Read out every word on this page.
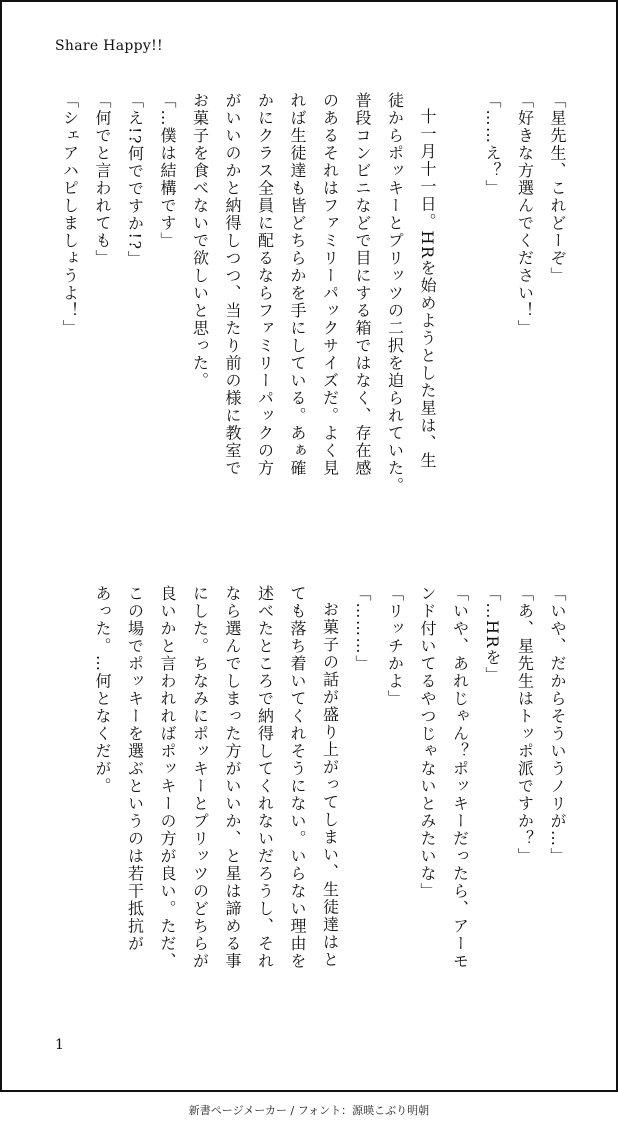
Share Happy!!
「星先生、これどーぞ」
「好きな方選んでください！」
「……え？」

十一月十一日。HRを始めようとした星は、生
徒からポッキーとプリッツの二択を迫られていた。
普段コンビニなどで目にする箱ではなく、存在感
のあるそれはファミリーパックサイズだ。よく見
れば生徒達も皆どちらかを手にしている。あぁ確
かにクラス全員に配るならファミリーパックの方
がいいのかと納得しつつ、当たり前の様に教室で
お菓子を食べないで欲しいと思った。
「…僕は結構です」
「え!?何でですか!?」
「何でと言われても」
「シェアハピしましょうよ！」
「いや、だからそういうノリが…」
「あ、星先生はトッポ派ですか？」
「…HRを」
「いや、あれじゃん？ポッキーだったら、アーモ
ンド付いてるやつじゃないとみたいな」
「リッチかよ」
「………」
お菓子の話が盛り上がってしまい、生徒達はと
ても落ち着いてくれそうにない。いらない理由を
述べたところで納得してくれないだろうし、それ
なら選んでしまった方がいいか、と星は諦める事
にした。ちなみにポッキーとプリッツのどちらが
良いかと言われればポッキーの方が良い。ただ、
この場でポッキーを選ぶというのは若干抵抗が
あった。…何となくだが。
1
新書ページメーカー / フォント：源暎こぶり明朝
